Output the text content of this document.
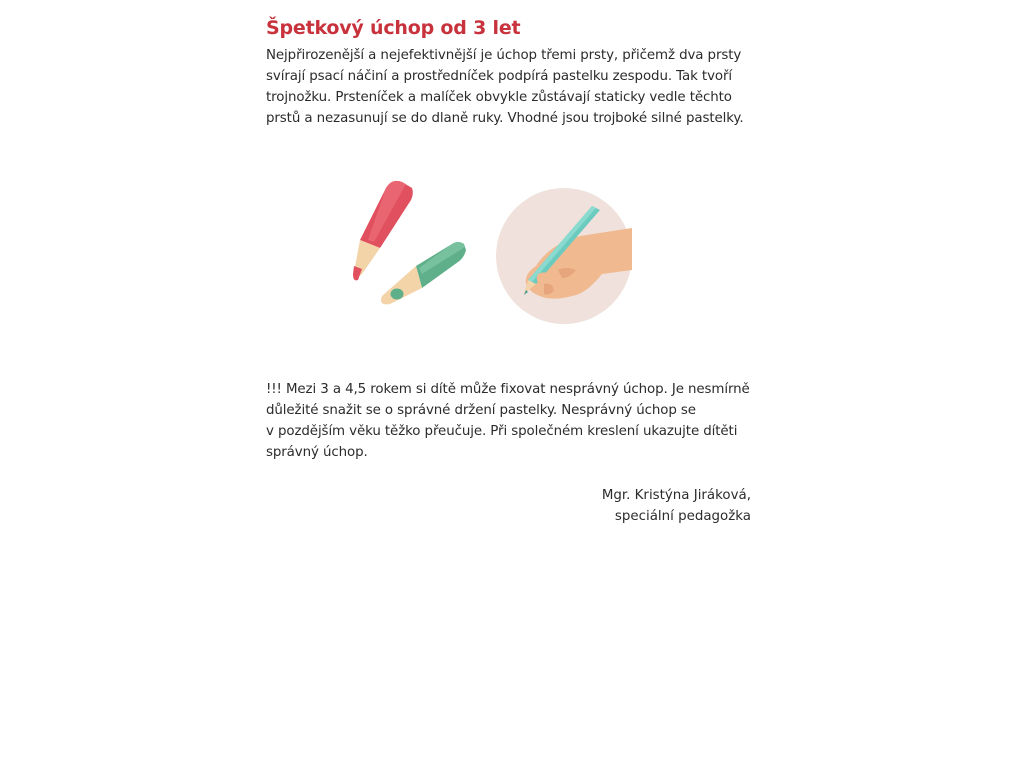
Špetkový úchop od 3 let

Nejpřirozenější a nejefektivnější je úchop třemi prsty, přičemž dva prsty
svírají psací náčiní a prostředníček podpírá pastelku zespodu. Tak tvoří
trojnožku. Prsteníček a malíček obvykle zůstávají staticky vedle těchto
prstů a nezasunují se do dlaně ruky. Vhodné jsou trojboké silné pastelky.

!!! Mezi 3 a 4,5 rokem si dítě může fixovat nesprávný úchop. Je nesmírně
důležité snažit se o správné držení pastelky. Nesprávný úchop se
v pozdějším věku těžko přeučuje. Při společném kreslení ukazujte dítěti
správný úchop.

Mgr. Kristýna Jiráková,
speciální pedagožka
